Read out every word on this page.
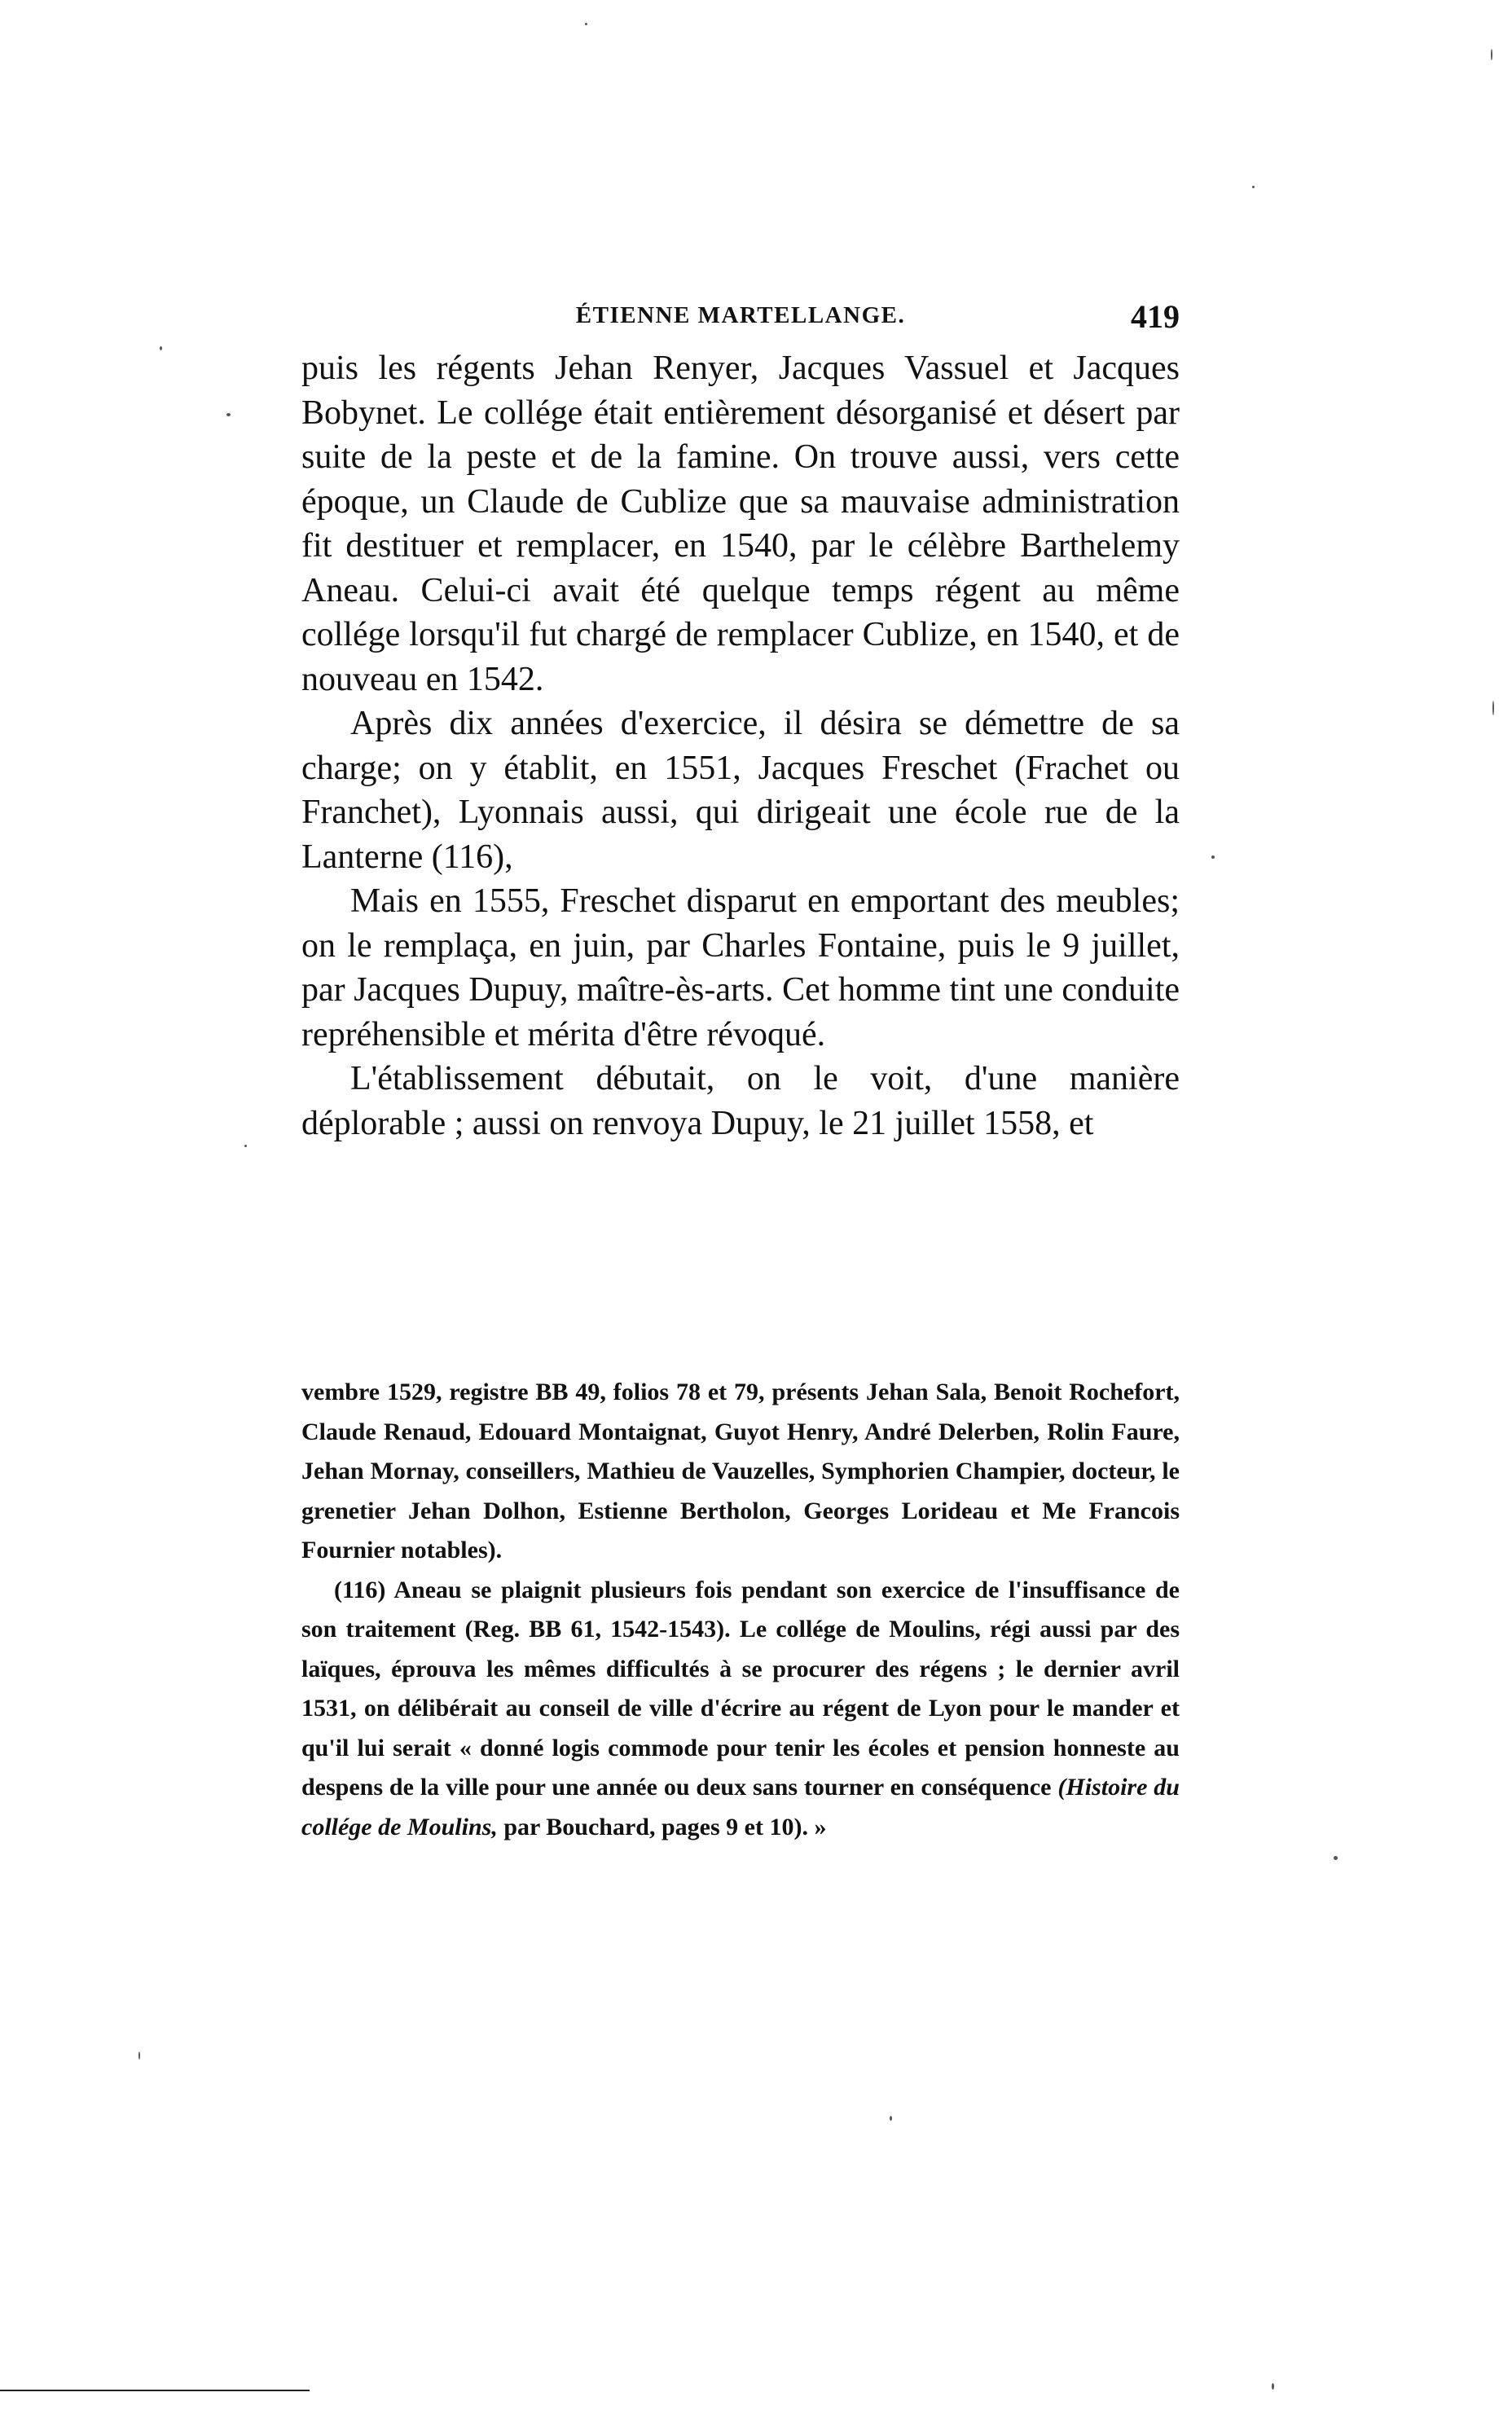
ÉTIENNE MARTELLANGE.	419

puis les régents Jehan Renyer, Jacques Vassuel et Jacques Bobynet. Le collége était entièrement désorganisé et désert par suite de la peste et de la famine. On trouve aussi, vers cette époque, un Claude de Cublize que sa mauvaise administration fit destituer et remplacer, en 1540, par le célèbre Barthelemy Aneau. Celui-ci avait été quelque temps régent au même collége lorsqu'il fut chargé de remplacer Cublize, en 1540, et de nouveau en 1542.

Après dix années d'exercice, il désira se démettre de sa charge; on y établit, en 1551, Jacques Freschet (Frachet ou Franchet), Lyonnais aussi, qui dirigeait une école rue de la Lanterne (116),

Mais en 1555, Freschet disparut en emportant des meubles; on le remplaça, en juin, par Charles Fontaine, puis le 9 juillet, par Jacques Dupuy, maître-ès-arts. Cet homme tint une conduite repréhensible et mérita d'être révoqué.

L'établissement débutait, on le voit, d'une manière déplorable ; aussi on renvoya Dupuy, le 21 juillet 1558, et

vembre 1529, registre BB 49, folios 78 et 79, présents Jehan Sala, Benoit Rochefort, Claude Renaud, Edouard Montaignat, Guyot Henry, André Delerben, Rolin Faure, Jehan Mornay, conseillers, Mathieu de Vauzelles, Symphorien Champier, docteur, le grenetier Jehan Dolhon, Estienne Bertholon, Georges Lorideau et Me Francois Fournier notables).

(116) Aneau se plaignit plusieurs fois pendant son exercice de l'insuffisance de son traitement (Reg. BB 61, 1542-1543). Le collége de Moulins, régi aussi par des laïques, éprouva les mêmes difficultés à se procurer des régens ; le dernier avril 1531, on délibérait au conseil de ville d'écrire au régent de Lyon pour le mander et qu'il lui serait « donné logis commode pour tenir les écoles et pension honneste au despens de la ville pour une année ou deux sans tourner en conséquence (Histoire du collége de Moulins, par Bouchard, pages 9 et 10). »
